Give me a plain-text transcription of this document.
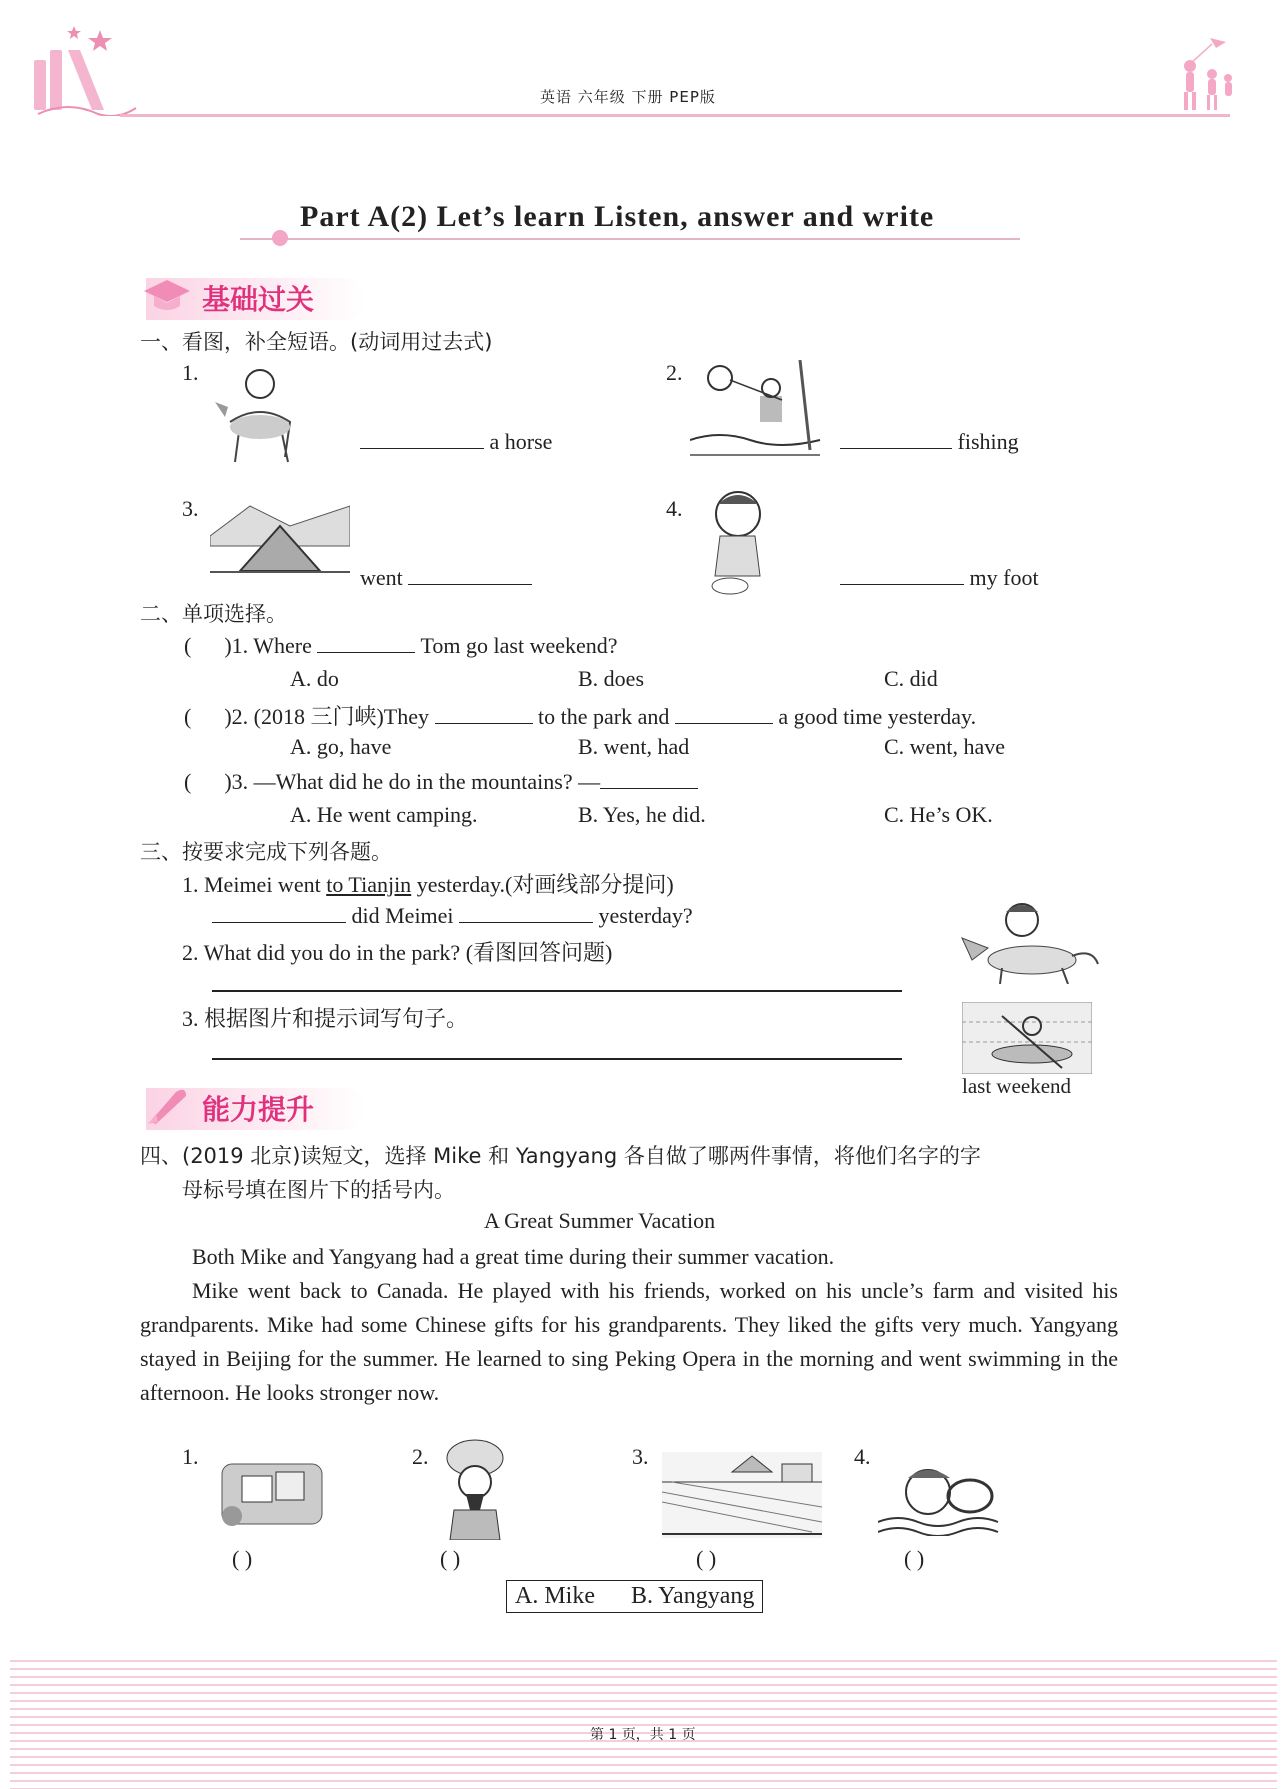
英语 六年级 下册 PEP版
Part A(2) Let’s learn Listen, answer and write
基础过关
一、看图，补全短语。(动词用过去式)
1.
a horse
2.
fishing
3.
went
4.
my foot
二、单项选择。
(      )1. Where	Tom go last weekend?
A. do	B. does	C. did
(      )2. (2018 三门峡)They	to the park and	a good time yesterday.
A. go, have	B. went, had	C. went, have
(      )3. —What did he do in the mountains? —
A. He went camping.	B. Yes, he did.	C. He’s OK.
三、按要求完成下列各题。
1. Meimei went to Tianjin yesterday.(对画线部分提问)
did Meimei	yesterday?
2. What did you do in the park? (看图回答问题)
3. 根据图片和提示词写句子。
last weekend
能力提升
四、(2019 北京)读短文，选择 Mike 和 Yangyang 各自做了哪两件事情，将他们名字的字
母标号填在图片下的括号内。
A Great Summer Vacation
Both Mike and Yangyang had a great time during their summer vacation.
Mike went back to Canada. He played with his friends, worked on his uncle’s farm and visited his grandparents. Mike had some Chinese gifts for his grandparents. They liked the gifts very much. Yangyang stayed in Beijing for the summer. He learned to sing Peking Opera in the morning and went swimming in the afternoon. He looks stronger now.
1.
( )
2.
( )
3.
( )
4.
( )
A. Mike      B. Yangyang
第 1 页，共 1 页
